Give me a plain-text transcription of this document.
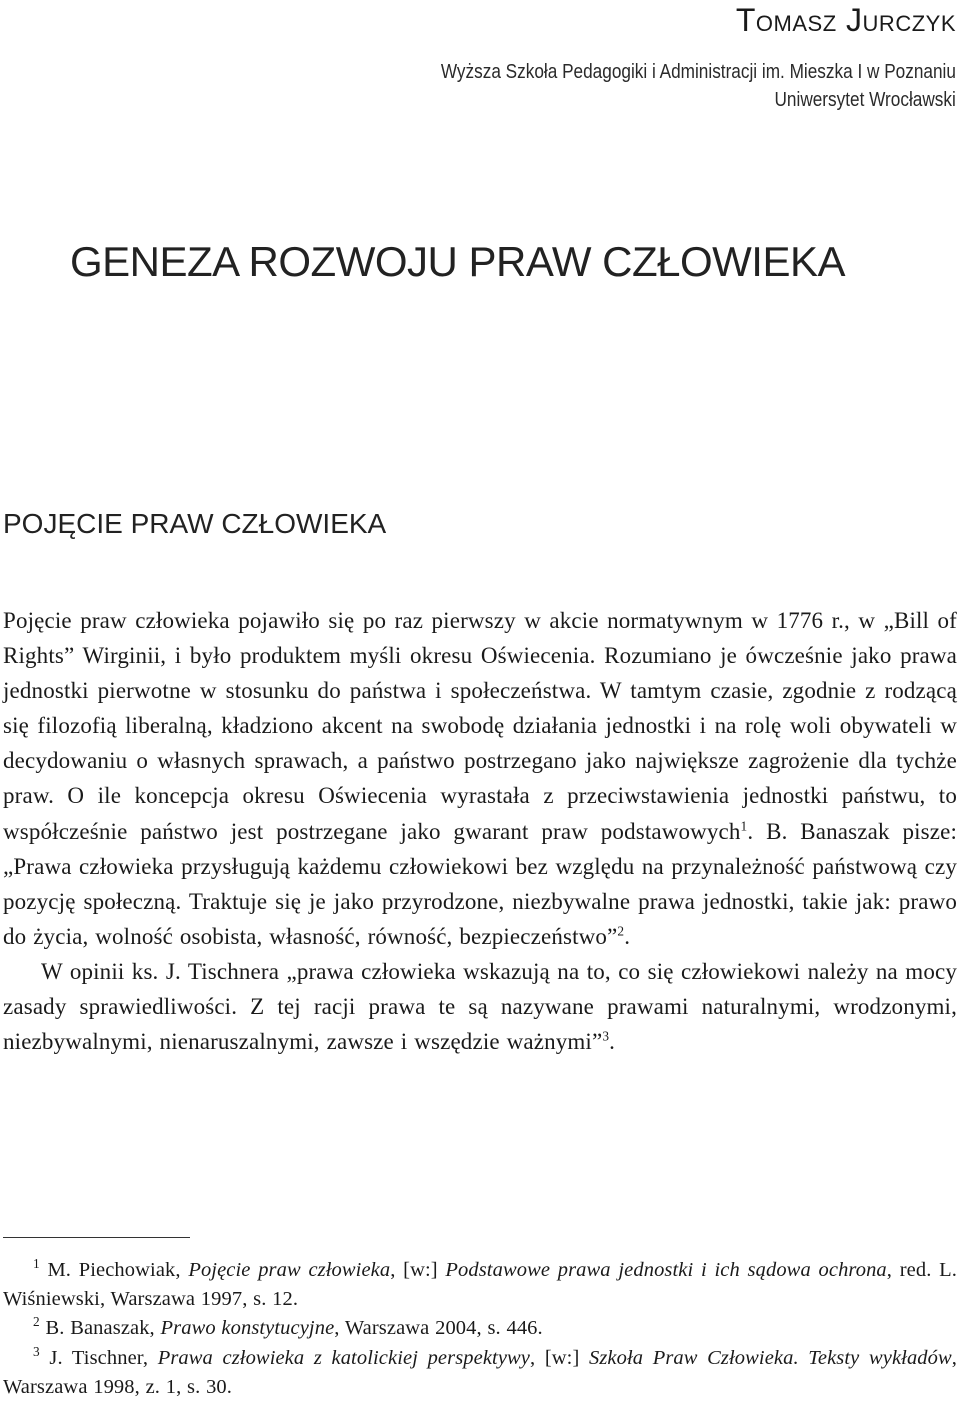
Tomasz Jurczyk
Wyższa Szkoła Pedagogiki i Administracji im. Mieszka I w Poznaniu
Uniwersytet Wrocławski
GENEZA ROZWOJU PRAW CZŁOWIEKA
POJĘCIE PRAW CZŁOWIEKA

Pojęcie praw człowieka pojawiło się po raz pierwszy w akcie normatywnym w 1776 r., w „Bill of Rights” Wirginii, i było produktem myśli okresu Oświecenia. Rozumiano je ówcześnie jako prawa jednostki pierwotne w stosunku do państwa i społeczeństwa. W tamtym czasie, zgodnie z rodzącą się filozofią liberalną, kładziono akcent na swobodę działania jednostki i na rolę woli obywateli w decydowaniu o własnych sprawach, a państwo postrzegano jako największe zagrożenie dla tychże praw. O ile koncepcja okresu Oświecenia wyrastała z przeciwstawienia jednostki państwu, to współcześnie państwo jest postrzegane jako gwarant praw podstawowych$^1$. B. Banaszak pisze: „Prawa człowieka przysługują każdemu człowiekowi bez względu na przynależność państwową czy pozycję społeczną. Traktuje się je jako przyrodzone, niezbywalne prawa jednostki, takie jak: prawo do życia, wolność osobista, własność, równość, bezpieczeństwo”$^2$.

W opinii ks. J. Tischnera „prawa człowieka wskazują na to, co się człowiekowi należy na mocy zasady sprawiedliwości. Z tej racji prawa te są nazywane prawami naturalnymi, wrodzonymi, niezbywalnymi, nienaruszalnymi, zawsze i wszędzie ważnymi”$^3$.

$^1$ M. Piechowiak, Pojęcie praw człowieka, [w:] Podstawowe prawa jednostki i ich sądowa ochrona, red. L. Wiśniewski, Warszawa 1997, s. 12.

$^2$ B. Banaszak, Prawo konstytucyjne, Warszawa 2004, s. 446.

$^3$ J. Tischner, Prawa człowieka z katolickiej perspektywy, [w:] Szkoła Praw Człowieka. Teksty wykładów, Warszawa 1998, z. 1, s. 30.
